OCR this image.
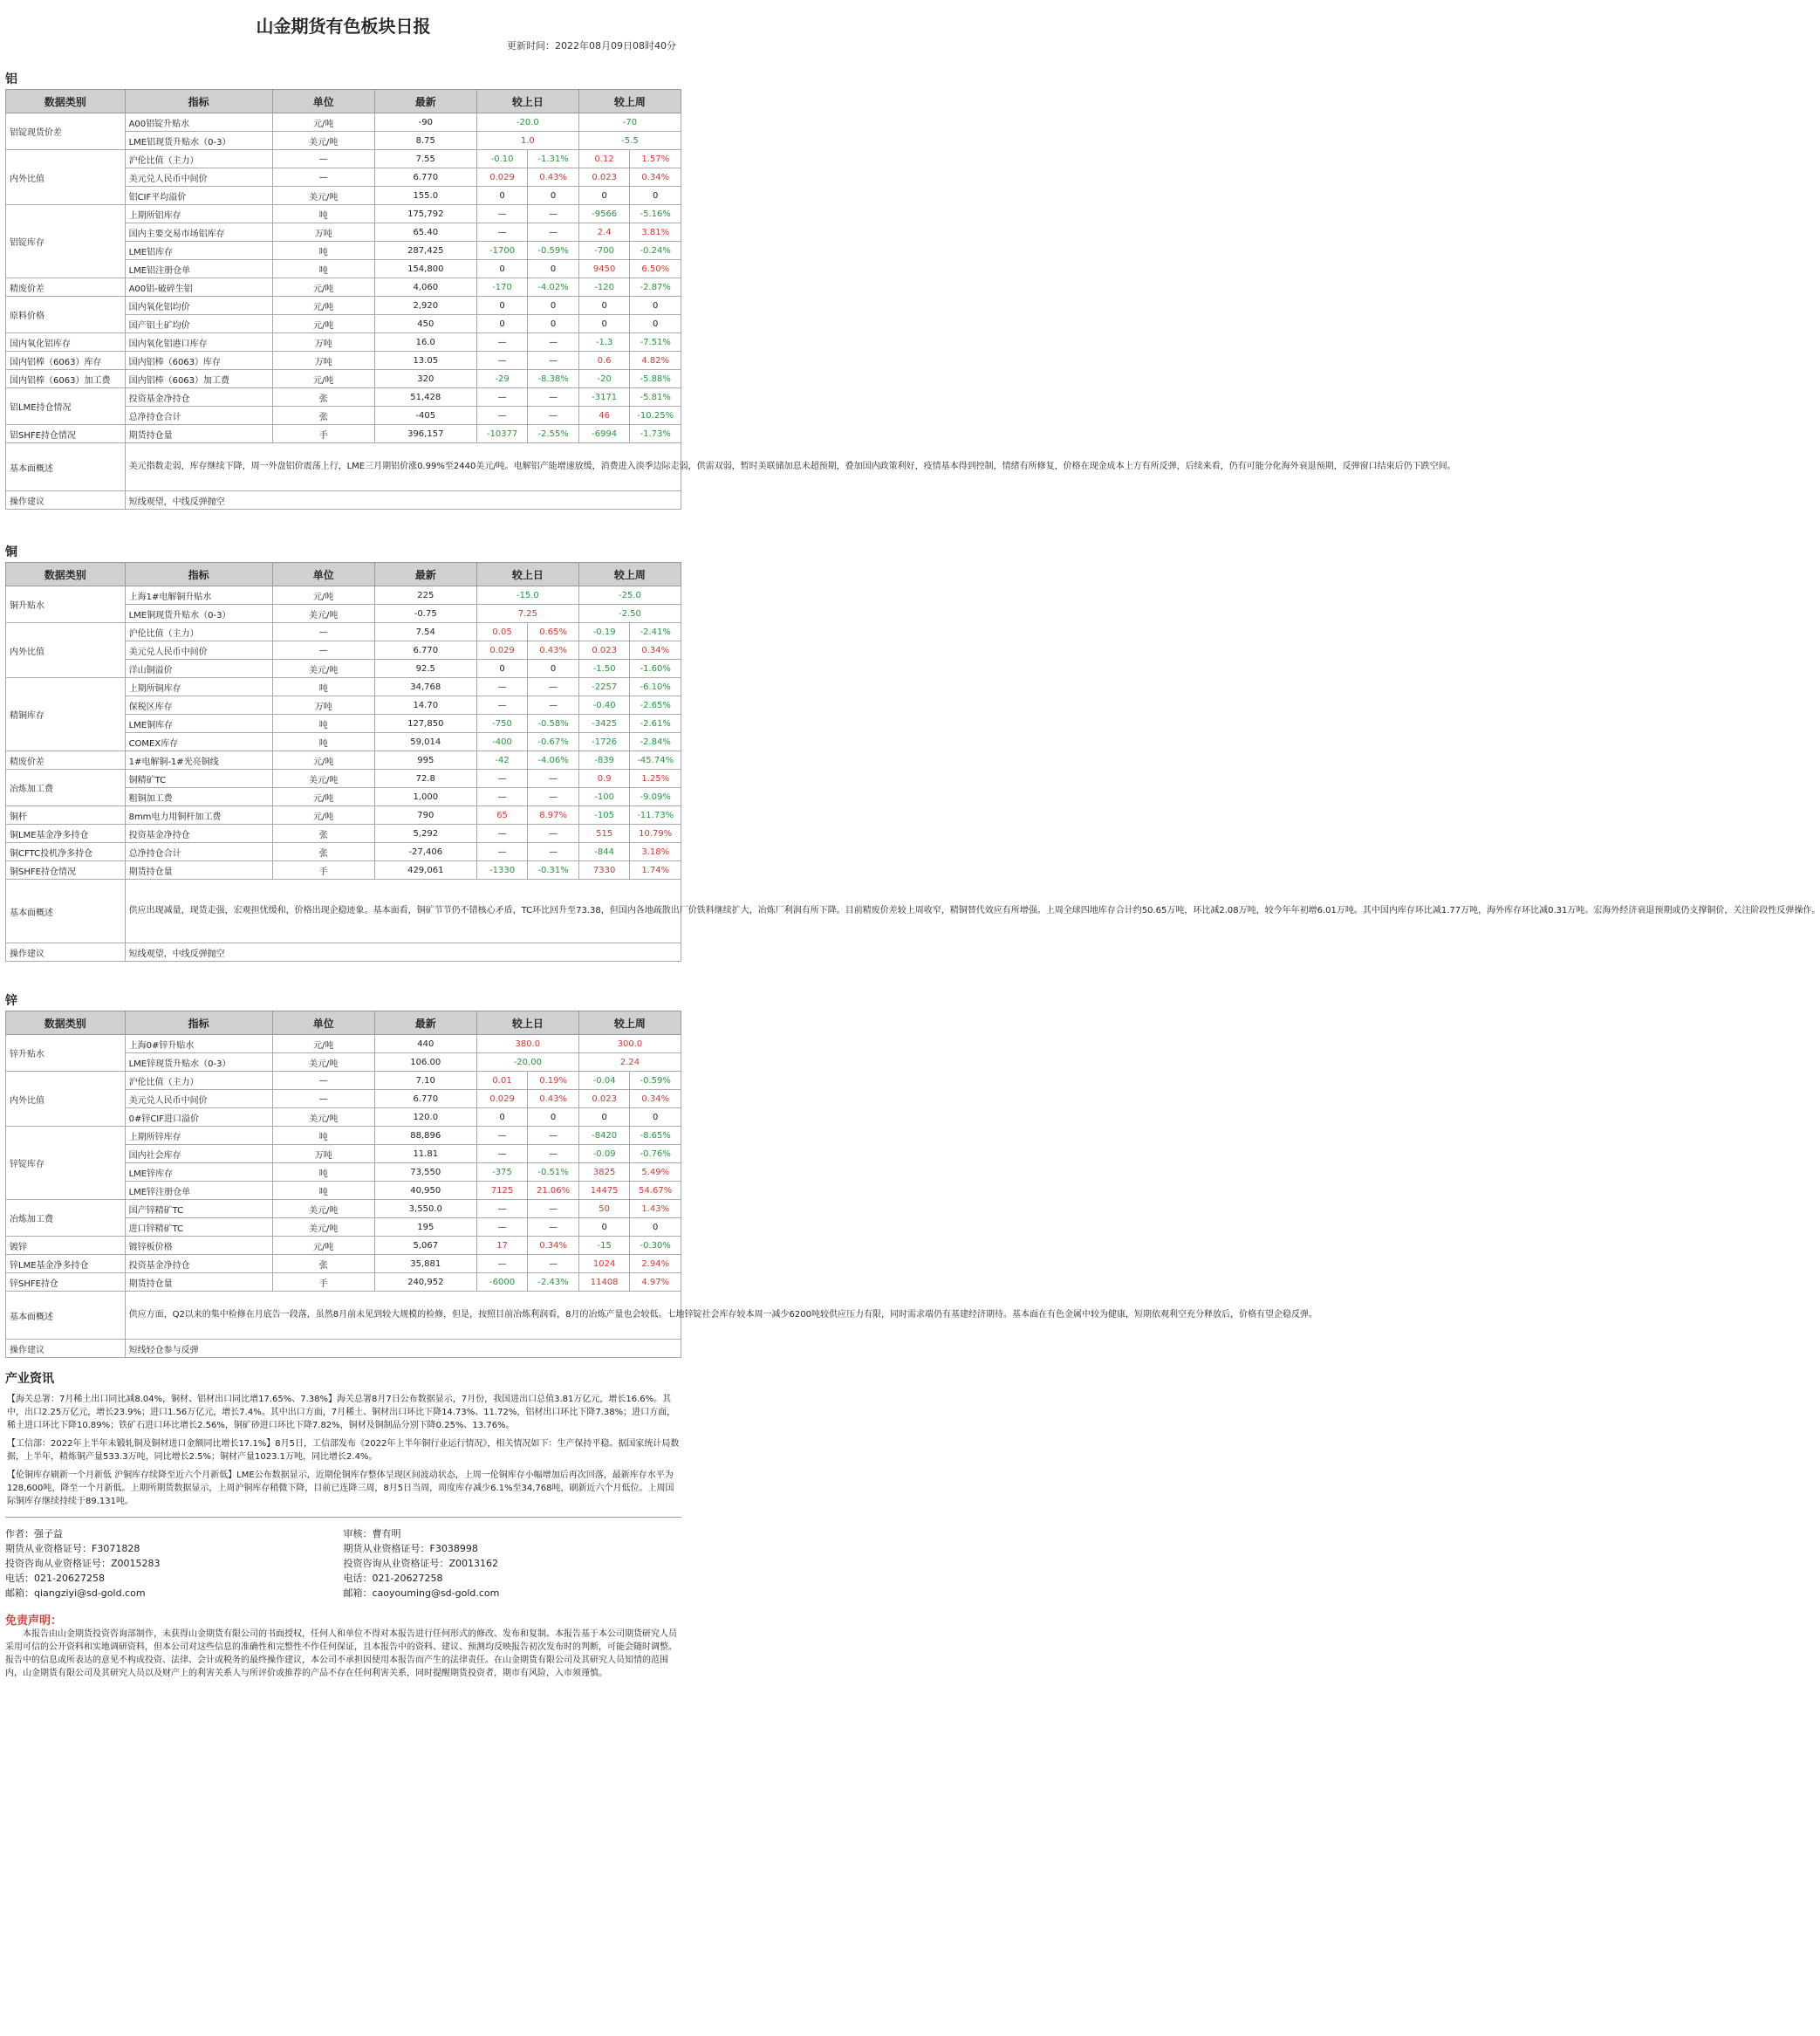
山金期货有色板块日报
更新时间：2022年08月09日08时40分
铝
数据类别	指标	单位	最新	较上日		较上周	
铝锭现货价差	A00铝锭升贴水	元/吨	-90	-20.0		-70	
	LME铝现货升贴水（0-3）	美元/吨	8.75	1.0		-5.5	
内外比值	沪伦比值（主力）	—	7.55	-0.10	-1.31%	0.12	1.57%
	美元兑人民币中间价	—	6.770	0.029	0.43%	0.023	0.34%
	铝CIF平均溢价	美元/吨	155.0	0	0	0	0
铝锭库存	上期所铝库存	吨	175,792	—	—	-9566	-5.16%
	国内主要交易市场铝库存	万吨	65.40	—	—	2.4	3.81%
	LME铝库存	吨	287,425	-1700	-0.59%	-700	-0.24%
	LME铝注册仓单	吨	154,800	0	0	9450	6.50%
精废价差	A00铝-破碎生铝	元/吨	4,060	-170	-4.02%	-120	-2.87%
原料价格	国内氧化铝均价	元/吨	2,920	0	0	0	0
	国产铝土矿均价	元/吨	450	0	0	0	0
国内氧化铝库存	国内氧化铝港口库存	万吨	16.0	—	—	-1.3	-7.51%
国内铝棒（6063）库存	国内铝棒（6063）库存	万吨	13.05	—	—	0.6	4.82%
国内铝棒（6063）加工费	国内铝棒（6063）加工费	元/吨	320	-29	-8.38%	-20	-5.88%
铝LME持仓情况	投资基金净持仓	张	51,428	—	—	-3171	-5.81%
	总净持仓合计	张	-405	—	—	46	-10.25%
铝SHFE持仓情况	期货持仓量	手	396,157	-10377	-2.55%	-6994	-1.73%
基本面概述	美元指数走弱，库存继续下降，周一外盘铝价震荡上行，LME三月期铝价涨0.99%至2440美元/吨。电解铝产能增速放缓，消费进入淡季边际走弱，供需双弱，暂时美联储加息未超预期，叠加国内政策利好，疫情基本得到控制，情绪有所修复，价格在现金成本上方有所反弹，后续来看，仍有可能分化海外衰退预期，反弹窗口结束后仍下跌空间。						
操作建议	短线观望，中线反弹抛空						
铜
数据类别	指标	单位	最新	较上日		较上周	
铜升贴水	上海1#电解铜升贴水	元/吨	225	-15.0		-25.0	
	LME铜现货升贴水（0-3）	美元/吨	-0.75	7.25		-2.50	
内外比值	沪伦比值（主力）	—	7.54	0.05	0.65%	-0.19	-2.41%
	美元兑人民币中间价	—	6.770	0.029	0.43%	0.023	0.34%
	洋山铜溢价	美元/吨	92.5	0	0	-1.50	-1.60%
精铜库存	上期所铜库存	吨	34,768	—	—	-2257	-6.10%
	保税区库存	万吨	14.70	—	—	-0.40	-2.65%
	LME铜库存	吨	127,850	-750	-0.58%	-3425	-2.61%
	COMEX库存	吨	59,014	-400	-0.67%	-1726	-2.84%
精废价差	1#电解铜-1#光亮铜线	元/吨	995	-42	-4.06%	-839	-45.74%
冶炼加工费	铜精矿TC	美元/吨	72.8	—	—	0.9	1.25%
	粗铜加工费	元/吨	1,000	—	—	-100	-9.09%
铜杆	8mm电力用铜杆加工费	元/吨	790	65	8.97%	-105	-11.73%
铜LME基金净多持仓	投资基金净持仓	张	5,292	—	—	515	10.79%
铜CFTC投机净多持仓	总净持仓合计	张	-27,406	—	—	-844	3.18%
铜SHFE持仓情况	期货持仓量	手	429,061	-1330	-0.31%	7330	1.74%
基本面概述	供应出现减量，现货走强，宏观担忧缓和，价格出现企稳迹象。基本面看，铜矿节节仍不错核心矛盾，TC环比回升至73.38，但国内各地疏散出厂价铁料继续扩大，冶炼厂利润有所下降。目前精废价差较上周收窄，精铜替代效应有所增强。上周全球四地库存合计约50.65万吨，环比减2.08万吨，较今年年初增6.01万吨。其中国内库存环比减1.77万吨，海外库存环比减0.31万吨。宏海外经济衰退预期或仍支撑铜价，关注阶段性反弹操作。						
操作建议	短线观望，中线反弹抛空						
锌
数据类别	指标	单位	最新	较上日		较上周	
锌升贴水	上海0#锌升贴水	元/吨	440	380.0		300.0	
	LME锌现货升贴水（0-3）	美元/吨	106.00	-20.00		2.24	
内外比值	沪伦比值（主力）	—	7.10	0.01	0.19%	-0.04	-0.59%
	美元兑人民币中间价	—	6.770	0.029	0.43%	0.023	0.34%
	0#锌CIF进口溢价	美元/吨	120.0	0	0	0	0
锌锭库存	上期所锌库存	吨	88,896	—	—	-8420	-8.65%
	国内社会库存	万吨	11.81	—	—	-0.09	-0.76%
	LME锌库存	吨	73,550	-375	-0.51%	3825	5.49%
	LME锌注册仓单	吨	40,950	7125	21.06%	14475	54.67%
冶炼加工费	国产锌精矿TC	美元/吨	3,550.0	—	—	50	1.43%
	进口锌精矿TC	美元/吨	195	—	—	0	0
镀锌	镀锌板价格	元/吨	5,067	17	0.34%	-15	-0.30%
锌LME基金净多持仓	投资基金净持仓	张	35,881	—	—	1024	2.94%
锌SHFE持仓	期货持仓量	手	240,952	-6000	-2.43%	11408	4.97%
基本面概述	供应方面，Q2以来的集中检修在月底告一段落，虽然8月前未见到较大规模的检修，但是，按照目前冶炼利润看，8月的冶炼产量也会较低。七地锌锭社会库存较本周一减少6200吨较供应压力有限，同时需求端仍有基建经济期待。基本面在有色金属中较为健康，短期依观利空充分释放后，价格有望企稳反弹。						
操作建议	短线轻仓参与反弹						
产业资讯

【海关总署：7月稀土出口同比减8.04%，铜材、铝材出口同比增17.65%、7.38%】海关总署8月7日公布数据显示，7月份，我国进出口总值3.81万亿元，增长16.6%。其中，出口2.25万亿元，增长23.9%；进口1.56万亿元，增长7.4%。其中出口方面，7月稀土、铜材出口环比下降14.73%、11.72%，铝材出口环比下降7.38%；进口方面，稀土进口环比下降10.89%；铁矿石进口环比增长2.56%，铜矿砂进口环比下降7.82%，铜材及铜制品分别下降0.25%、13.76%。

【工信部：2022年上半年未锻轧铜及铜材进口金额同比增长17.1%】8月5日，工信部发布《2022年上半年铜行业运行情况》，相关情况如下：生产保持平稳。据国家统计局数据，上半年，精炼铜产量533.3万吨，同比增长2.5%；铜材产量1023.1万吨，同比增长2.4%。

【伦铜库存刷新一个月新低 沪铜库存续降至近六个月新低】LME公布数据显示，近期伦铜库存整体呈现区间波动状态，上周一伦铜库存小幅增加后再次回落，最新库存水平为128,600吨，降至一个月新低。上期所期货数据显示，上周沪铜库存稍微下降，目前已连降三周，8月5日当周，周度库存减少6.1%至34,768吨，刷新近六个月低位。上周国际铜库存继续持续于89.131吨。

作者：强子益
期货从业资格证号：F3071828
投资咨询从业资格证号：Z0015283
电话：021-20627258
邮箱：qiangziyi@sd-gold.com
审核：曹有明
期货从业资格证号：F3038998
投资咨询从业资格证号：Z0013162
电话：021-20627258
邮箱：caoyouming@sd-gold.com
免责声明：
本报告由山金期货投资咨询部制作，未获得山金期货有限公司的书面授权，任何人和单位不得对本报告进行任何形式的修改、发布和复制。本报告基于本公司期货研究人员采用可信的公开资料和实地调研资料，但本公司对这些信息的准确性和完整性不作任何保证，且本报告中的资料、建议、预测均反映报告初次发布时的判断，可能会随时调整。报告中的信息或所表达的意见不构成投资、法律、会计或税务的最终操作建议，本公司不承担因使用本报告而产生的法律责任。在山金期货有限公司及其研究人员知情的范围内，山金期货有限公司及其研究人员以及财产上的利害关系人与所评价或推荐的产品不存在任何利害关系，同时提醒期货投资者，期市有风险，入市须谨慎。
